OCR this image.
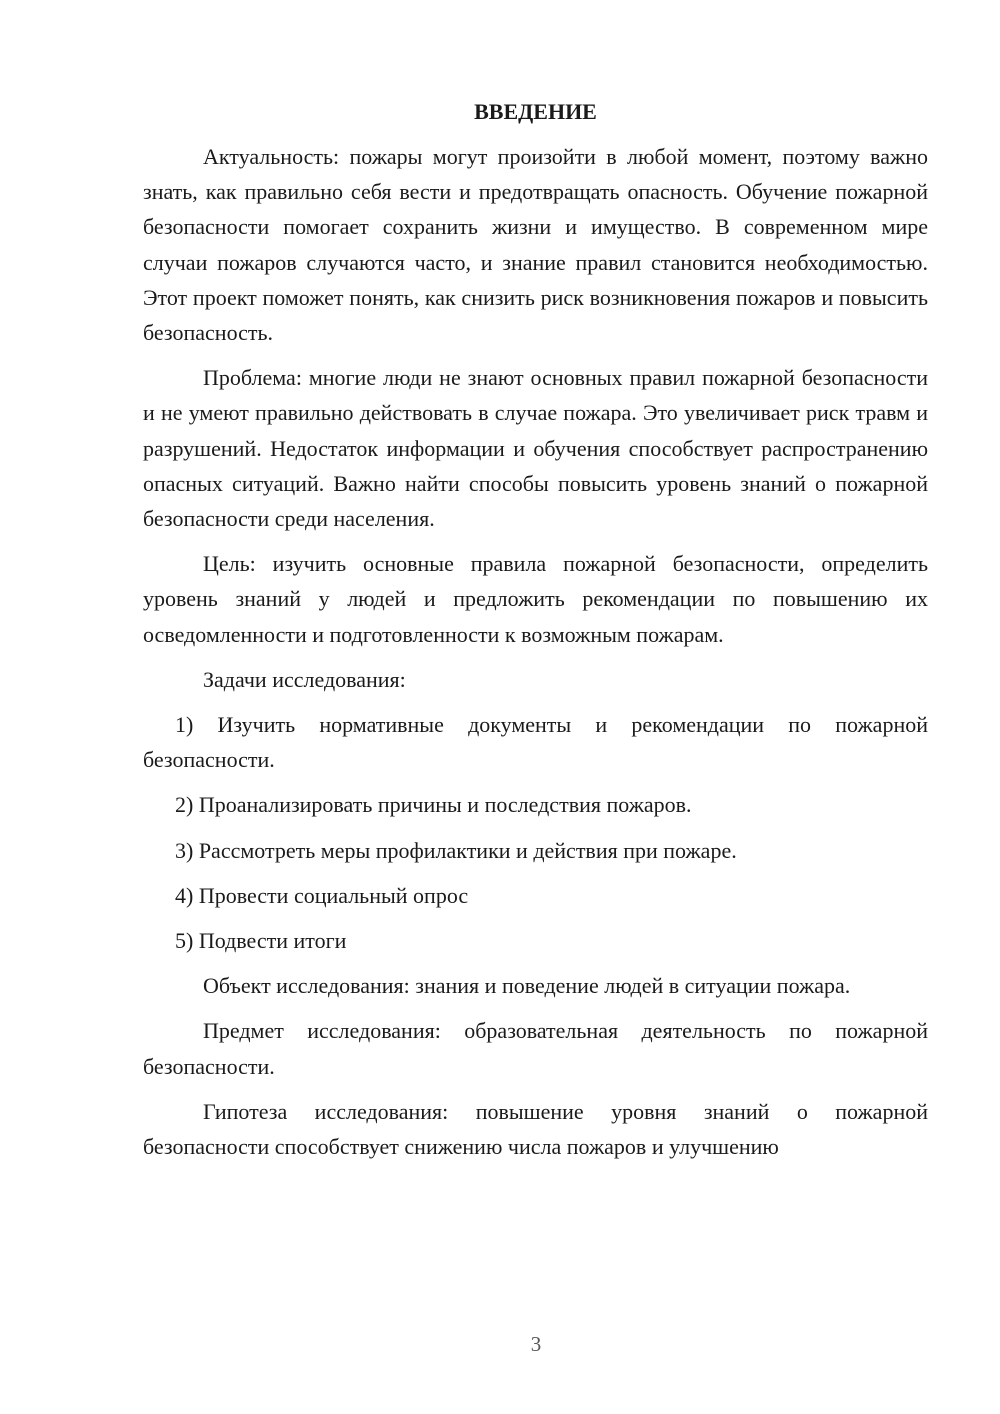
ВВЕДЕНИЕ

Актуальность: пожары могут произойти в любой момент, поэтому важно знать, как правильно себя вести и предотвращать опасность. Обучение пожарной безопасности помогает сохранить жизни и имущество. В современном мире случаи пожаров случаются часто, и знание правил становится необходимостью. Этот проект поможет понять, как снизить риск возникновения пожаров и повысить безопасность.

Проблема: многие люди не знают основных правил пожарной безопасности и не умеют правильно действовать в случае пожара. Это увеличивает риск травм и разрушений. Недостаток информации и обучения способствует распространению опасных ситуаций. Важно найти способы повысить уровень знаний о пожарной безопасности среди населения.

Цель: изучить основные правила пожарной безопасности, определить уровень знаний у людей и предложить рекомендации по повышению их осведомленности и подготовленности к возможным пожарам.

Задачи исследования:

1) Изучить нормативные документы и рекомендации по пожарной безопасности.

2) Проанализировать причины и последствия пожаров.

3) Рассмотреть меры профилактики и действия при пожаре.

4) Провести социальный опрос

5) Подвести итоги

Объект исследования: знания и поведение людей в ситуации пожара.

Предмет исследования: образовательная деятельность по пожарной безопасности.

Гипотеза исследования: повышение уровня знаний о пожарной безопасности способствует снижению числа пожаров и улучшению

3
